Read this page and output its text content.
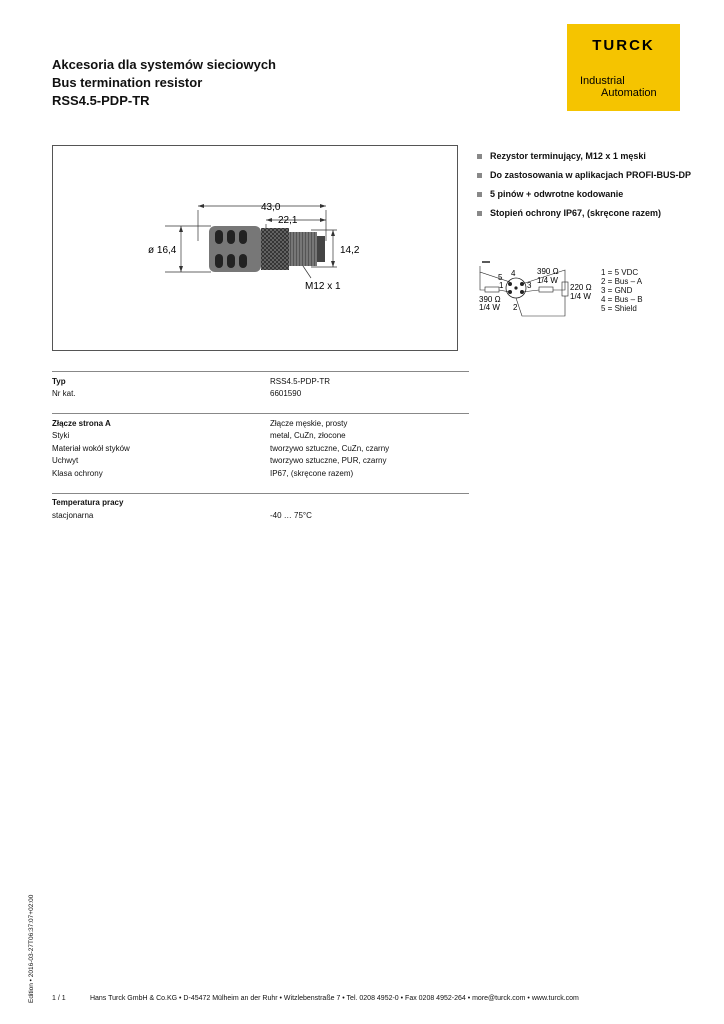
Akcesoria dla systemów sieciowych
Bus termination resistor
RSS4.5-PDP-TR
TURCK
Industrial
Automation
43,0
22,1
ø 16,4	14,2
M12 x 1
Rezystor terminujący, M12 x 1 męski
Do zastosowania w aplikacjach PROFI-BUS-DP
5 pinów + odwrotne kodowanie
Stopień ochrony IP67, (skręcone razem)
5 4
1	3
2
390 Ω
1/4 W
390 Ω
1/4 W
220 Ω
1/4 W
1 = 5 VDC
2 = Bus – A
3 = GND
4 = Bus – B
5 = Shield
Typ	RSS4.5-PDP-TR
Nr kat.	6601590
Złącze strona A	Złącze męskie, prosty
Styki	metal, CuZn, złocone
Materiał wokół styków	tworzywo sztuczne, CuZn, czarny
Uchwyt	tworzywo sztuczne, PUR, czarny
Klasa ochrony	IP67, (skręcone razem)
Temperatura pracy
stacjonarna	-40 … 75°C
Edition • 2016-03-27T06:37:07+02:00 1 / 1	Hans Turck GmbH & Co.KG • D-45472 Mülheim an der Ruhr • Witzlebenstraße 7 • Tel. 0208 4952-0 • Fax 0208 4952-264 • more@turck.com • www.turck.com
